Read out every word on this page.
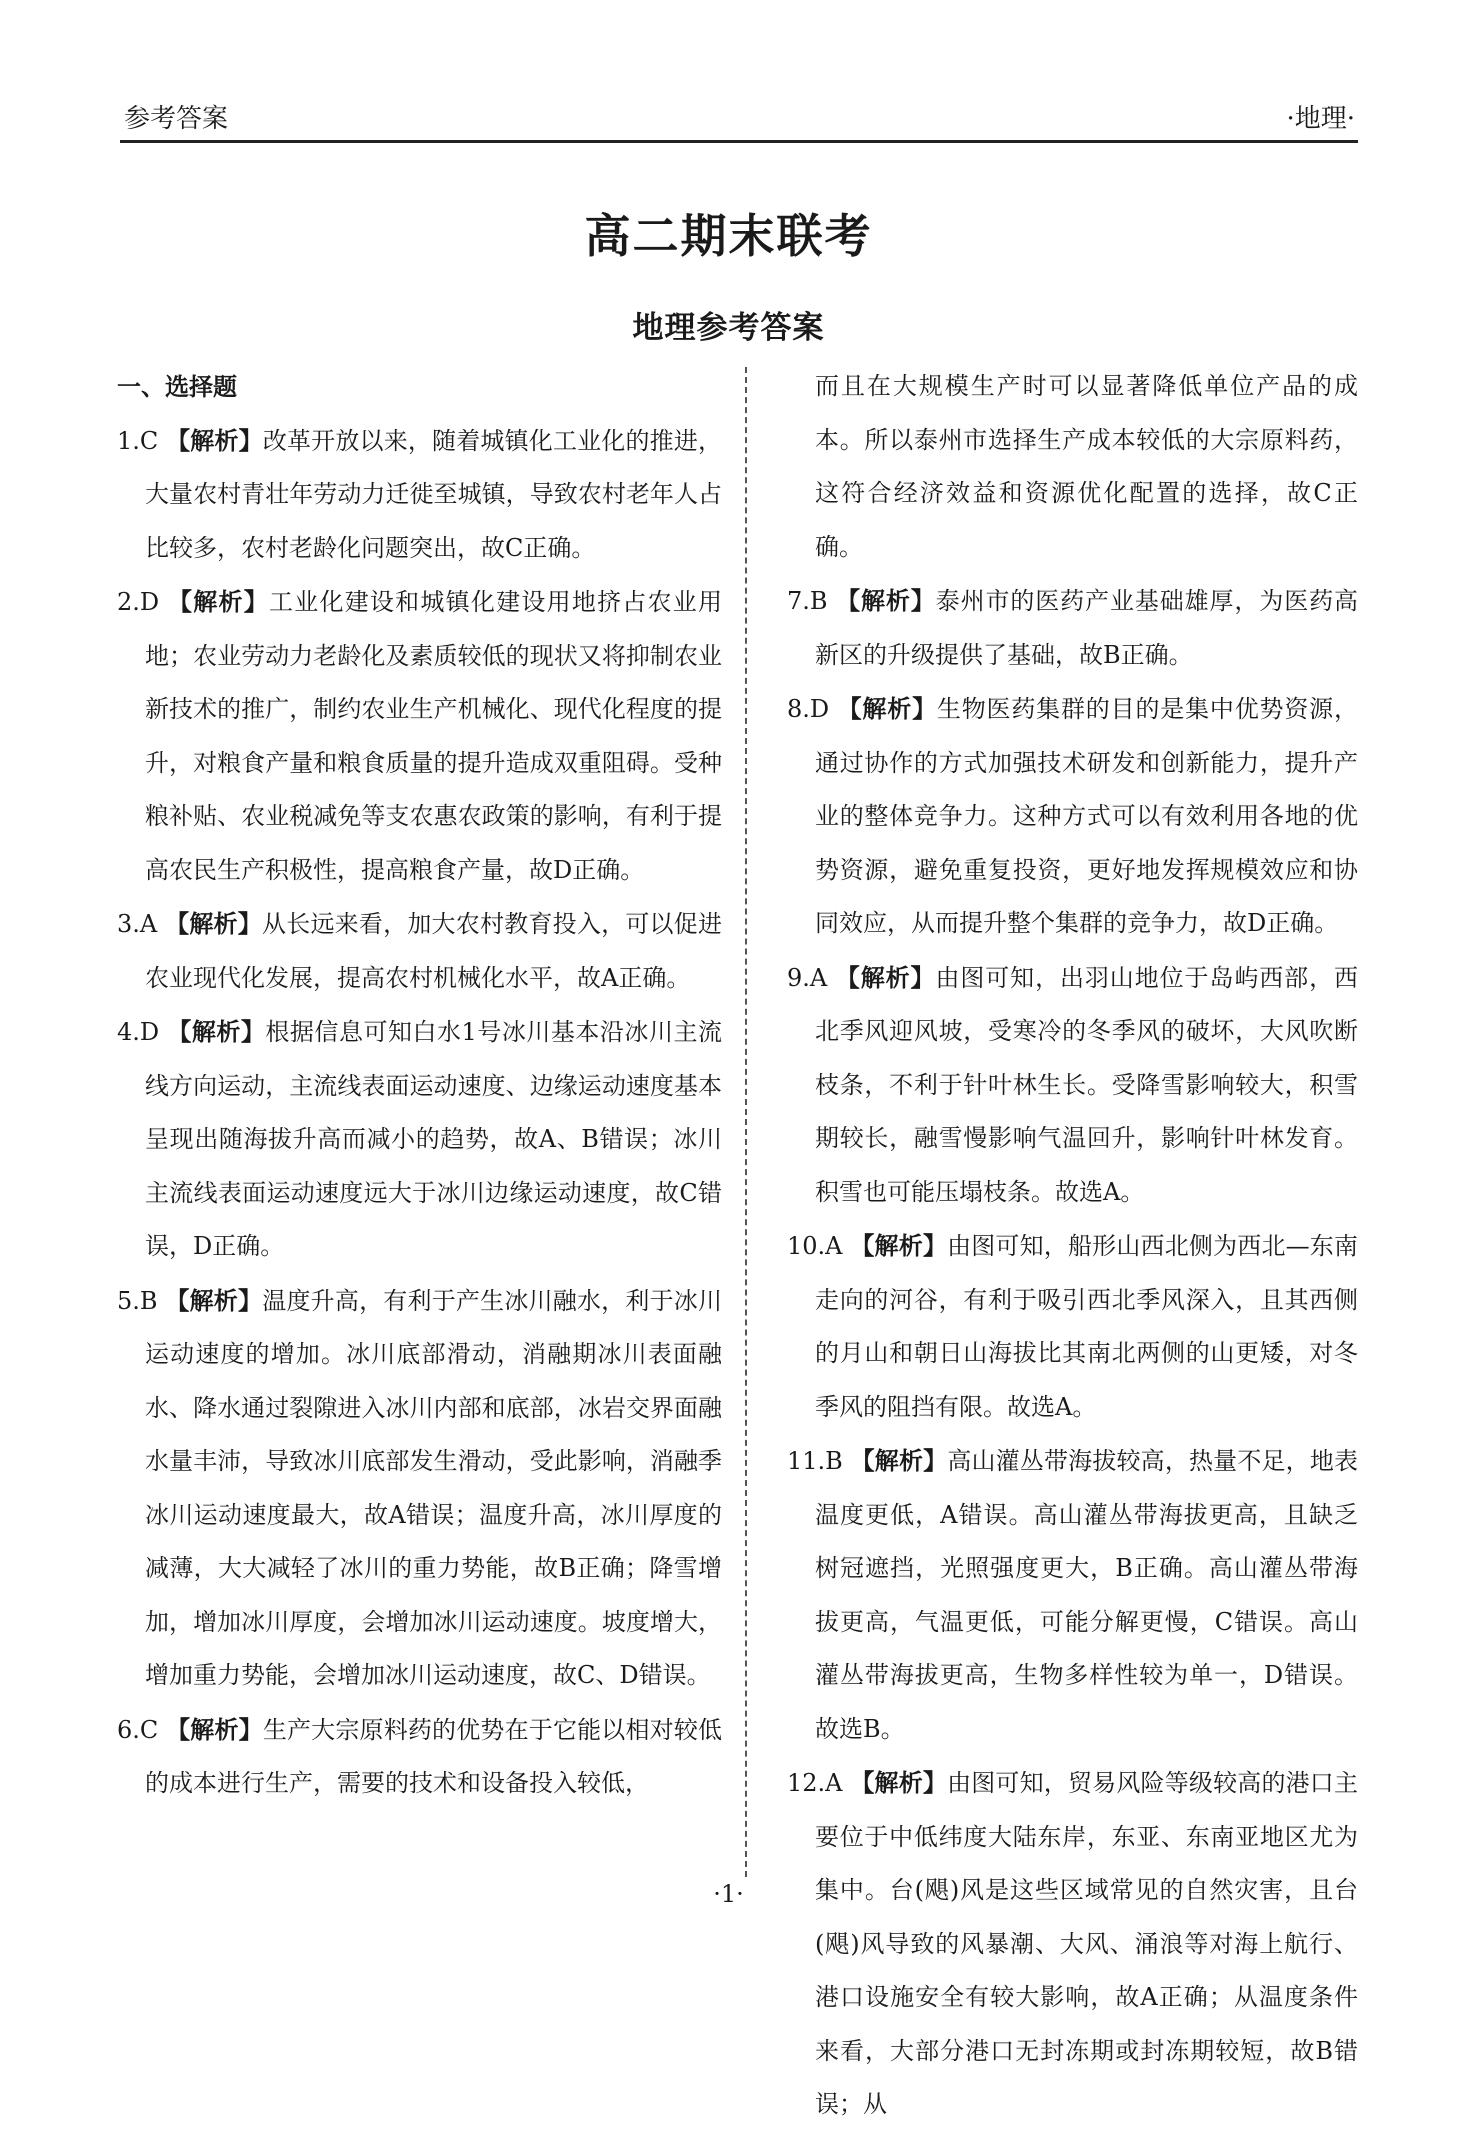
参考答案	·地理·
高二期末联考
地理参考答案

一、选择题

1.C 【解析】改革开放以来，随着城镇化工业化的推进，大量农村青壮年劳动力迁徙至城镇，导致农村老年人占比较多，农村老龄化问题突出，故C正确。

2.D 【解析】工业化建设和城镇化建设用地挤占农业用地；农业劳动力老龄化及素质较低的现状又将抑制农业新技术的推广，制约农业生产机械化、现代化程度的提升，对粮食产量和粮食质量的提升造成双重阻碍。受种粮补贴、农业税减免等支农惠农政策的影响，有利于提高农民生产积极性，提高粮食产量，故D正确。

3.A 【解析】从长远来看，加大农村教育投入，可以促进农业现代化发展，提高农村机械化水平，故A正确。

4.D 【解析】根据信息可知白水1号冰川基本沿冰川主流线方向运动，主流线表面运动速度、边缘运动速度基本呈现出随海拔升高而减小的趋势，故A、B错误；冰川主流线表面运动速度远大于冰川边缘运动速度，故C错误，D正确。

5.B 【解析】温度升高，有利于产生冰川融水，利于冰川运动速度的增加。冰川底部滑动，消融期冰川表面融水、降水通过裂隙进入冰川内部和底部，冰岩交界面融水量丰沛，导致冰川底部发生滑动，受此影响，消融季冰川运动速度最大，故A错误；温度升高，冰川厚度的减薄，大大减轻了冰川的重力势能，故B正确；降雪增加，增加冰川厚度，会增加冰川运动速度。坡度增大，增加重力势能，会增加冰川运动速度，故C、D错误。

6.C 【解析】生产大宗原料药的优势在于它能以相对较低的成本进行生产，需要的技术和设备投入较低，

而且在大规模生产时可以显著降低单位产品的成本。所以泰州市选择生产成本较低的大宗原料药，这符合经济效益和资源优化配置的选择，故C正确。

7.B 【解析】泰州市的医药产业基础雄厚，为医药高新区的升级提供了基础，故B正确。

8.D 【解析】生物医药集群的目的是集中优势资源，通过协作的方式加强技术研发和创新能力，提升产业的整体竞争力。这种方式可以有效利用各地的优势资源，避免重复投资，更好地发挥规模效应和协同效应，从而提升整个集群的竞争力，故D正确。

9.A 【解析】由图可知，出羽山地位于岛屿西部，西北季风迎风坡，受寒冷的冬季风的破坏，大风吹断枝条，不利于针叶林生长。受降雪影响较大，积雪期较长，融雪慢影响气温回升，影响针叶林发育。积雪也可能压塌枝条。故选A。

10.A 【解析】由图可知，船形山西北侧为西北—东南走向的河谷，有利于吸引西北季风深入，且其西侧的月山和朝日山海拔比其南北两侧的山更矮，对冬季风的阻挡有限。故选A。

11.B 【解析】高山灌丛带海拔较高，热量不足，地表温度更低，A错误。高山灌丛带海拔更高，且缺乏树冠遮挡，光照强度更大，B正确。高山灌丛带海拔更高，气温更低，可能分解更慢，C错误。高山灌丛带海拔更高，生物多样性较为单一，D错误。故选B。

12.A 【解析】由图可知，贸易风险等级较高的港口主要位于中低纬度大陆东岸，东亚、东南亚地区尤为集中。台(飓)风是这些区域常见的自然灾害，且台(飓)风导致的风暴潮、大风、涌浪等对海上航行、港口设施安全有较大影响，故A正确；从温度条件来看，大部分港口无封冻期或封冻期较短，故B错误；从

·1·
